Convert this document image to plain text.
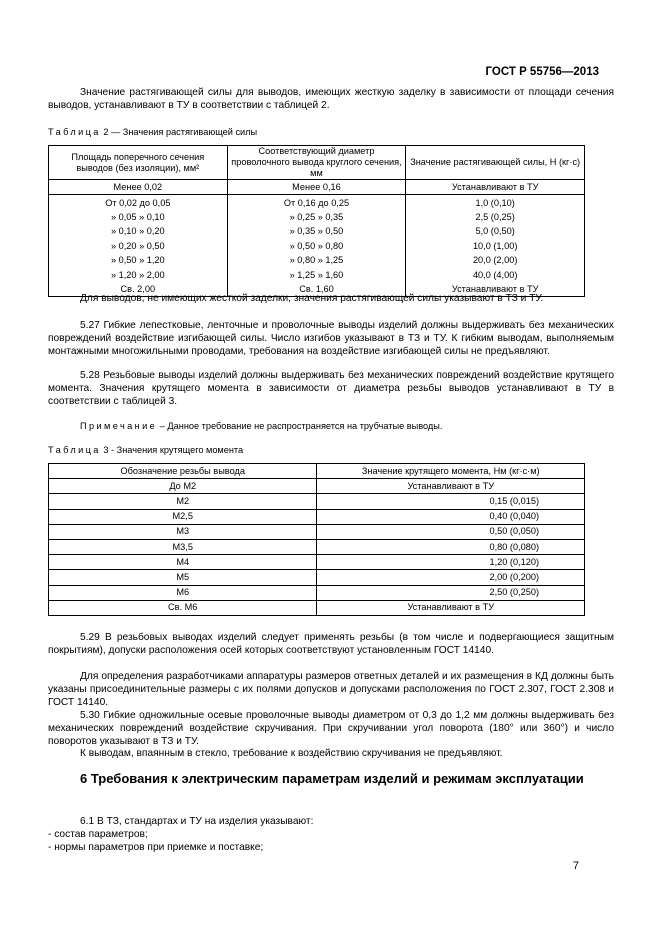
ГОСТ Р 55756—2013
Значение растягивающей силы для выводов, имеющих жесткую заделку в зависимости от площади сечения выводов, устанавливают в ТУ в соответствии с таблицей 2.
Таблица 2 — Значения растягивающей силы
Площадь поперечного сечения выводов (без изоляции), мм²	Соответствующий диаметр проволочного вывода круглого сечения, мм	Значение растягивающей силы, Н (кг·с)
Менее 0,02	Менее 0,16	Устанавливают в ТУ
От 0,02 до 0,05	От 0,16 до 0,25	1,0 (0,10)
» 0,05 » 0,10	» 0,25 » 0,35	2,5 (0,25)
» 0,10 » 0,20	» 0,35 » 0,50	5,0 (0,50)
» 0,20 » 0,50	» 0,50 » 0,80	10,0 (1,00)
» 0,50 » 1,20	» 0,80 » 1,25	20,0 (2,00)
» 1,20 » 2,00	» 1,25 » 1,60	40,0 (4,00)
Св. 2,00	Св. 1,60	Устанавливают в ТУ
Для выводов, не имеющих жесткой заделки, значения растягивающей силы указывают в ТЗ и ТУ.
5.27 Гибкие лепестковые, ленточные и проволочные выводы изделий должны выдерживать без механических повреждений воздействие изгибающей силы. Число изгибов указывают в ТЗ и ТУ. К гибким выводам, выполняемым монтажными многожильными проводами, требования на воздействие изгибающей силы не предъявляют.
5.28 Резьбовые выводы изделий должны выдерживать без механических повреждений воздействие крутящего момента. Значения крутящего момента в зависимости от диаметра резьбы выводов устанавливают в ТУ в соответствии с таблицей 3.
Примечание – Данное требование не распространяется на трубчатые выводы.
Таблица 3 - Значения крутящего момента
Обозначение резьбы вывода	Значение крутящего момента, Нм (кг·с·м)
До М2	Устанавливают в ТУ
М2	0,15 (0,015)
М2,5	0,40 (0,040)
М3	0,50 (0,050)
М3,5	0,80 (0,080)
М4	1,20 (0,120)
М5	2,00 (0,200)
М6	2,50 (0,250)
Св. М6	Устанавливают в ТУ
5.29 В резьбовых выводах изделий следует применять резьбы (в том числе и подвергающиеся защитным покрытиям), допуски расположения осей которых соответствуют установленным ГОСТ 14140.
Для определения разработчиками аппаратуры размеров ответных деталей и их размещения в КД должны быть указаны присоединительные размеры с их полями допусков и допусками расположения по ГОСТ 2.307, ГОСТ 2.308 и ГОСТ 14140.
5.30 Гибкие одножильные осевые проволочные выводы диаметром от 0,3 до 1,2 мм должны выдерживать без механических повреждений воздействие скручивания. При скручивании угол поворота (180° или 360°) и число поворотов указывают в ТЗ и ТУ.
К выводам, впаянным в стекло, требование к воздействию скручивания не предъявляют.
6 Требования к электрическим параметрам изделий и режимам эксплуатации
6.1 В ТЗ, стандартах и ТУ на изделия указывают:
- состав параметров;
- нормы параметров при приемке и поставке;
7
